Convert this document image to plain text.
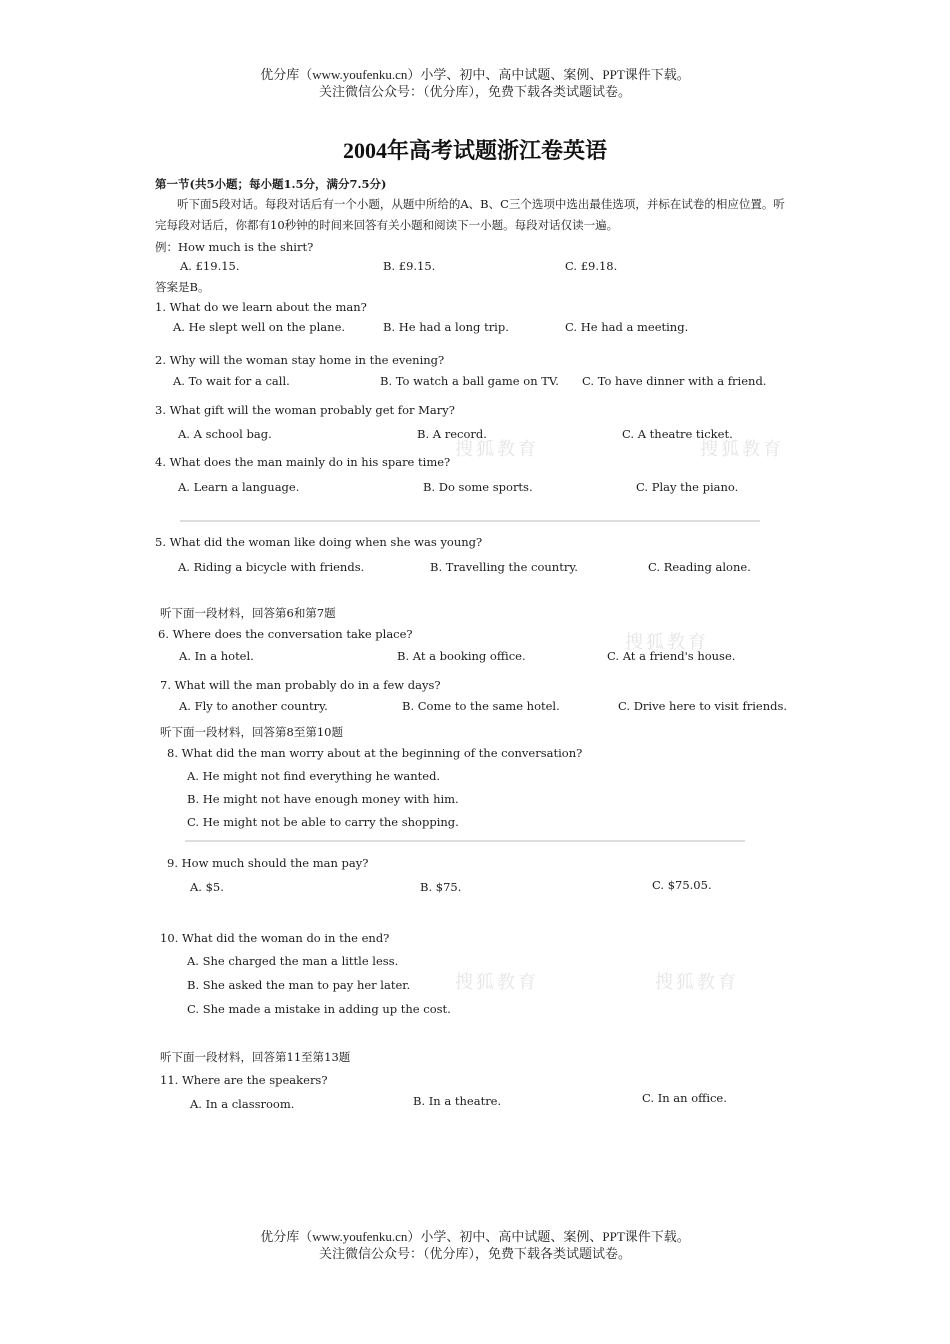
优分库（www.youfenku.cn）小学、初中、高中试题、案例、PPT课件下载。
关注微信公众号：（优分库），免费下载各类试题试卷。
2004年高考试题浙江卷英语
搜狐教育	搜狐教育
搜狐教育
搜狐教育	搜狐教育
第一节(共5小题；每小题1.5分，满分7.5分)
听下面5段对话。每段对话后有一个小题，从题中所给的A、B、C三个选项中选出最佳选项，并标在试卷的相应位置。听完每段对话后，你都有10秒钟的时间来回答有关小题和阅读下一小题。每段对话仅读一遍。
例：How much is the shirt?
A. £19.15.	B. £9.15.	C. £9.18.
答案是B。
1. What do we learn about the man?
A. He slept well on the plane.	B. He had a long trip.	C. He had a meeting.
2. Why will the woman stay home in the evening?
A. To wait for a call.	B. To watch a ball game on TV. C. To have dinner with a friend.
3. What gift will the woman probably get for Mary?
A. A school bag.	B. A record.	C. A theatre ticket.
4. What does the man mainly do in his spare time?
A. Learn a language.	B. Do some sports.	C. Play the piano.
5. What did the woman like doing when she was young?
A. Riding a bicycle with friends.	B. Travelling the country.	C. Reading alone.
听下面一段材料，回答第6和第7题
6. Where does the conversation take place?
A. In a hotel.	B. At a booking office.	C. At a friend's house.
7. What will the man probably do in a few days?
A. Fly to another country.	B. Come to the same hotel.	C. Drive here to visit friends.
听下面一段材料，回答第8至第10题
8. What did the man worry about at the beginning of the conversation?
A. He might not find everything he wanted.
B. He might not have enough money with him.
C. He might not be able to carry the shopping.
9. How much should the man pay?
A. $5.	B. $75.	C. $75.05.
10. What did the woman do in the end?
A. She charged the man a little less.
B. She asked the man to pay her later.
C. She made a mistake in adding up the cost.
听下面一段材料，回答第11至第13题
11. Where are the speakers?
A. In a classroom.	B. In a theatre.	C. In an office.
优分库（www.youfenku.cn）小学、初中、高中试题、案例、PPT课件下载。
关注微信公众号：（优分库），免费下载各类试题试卷。
